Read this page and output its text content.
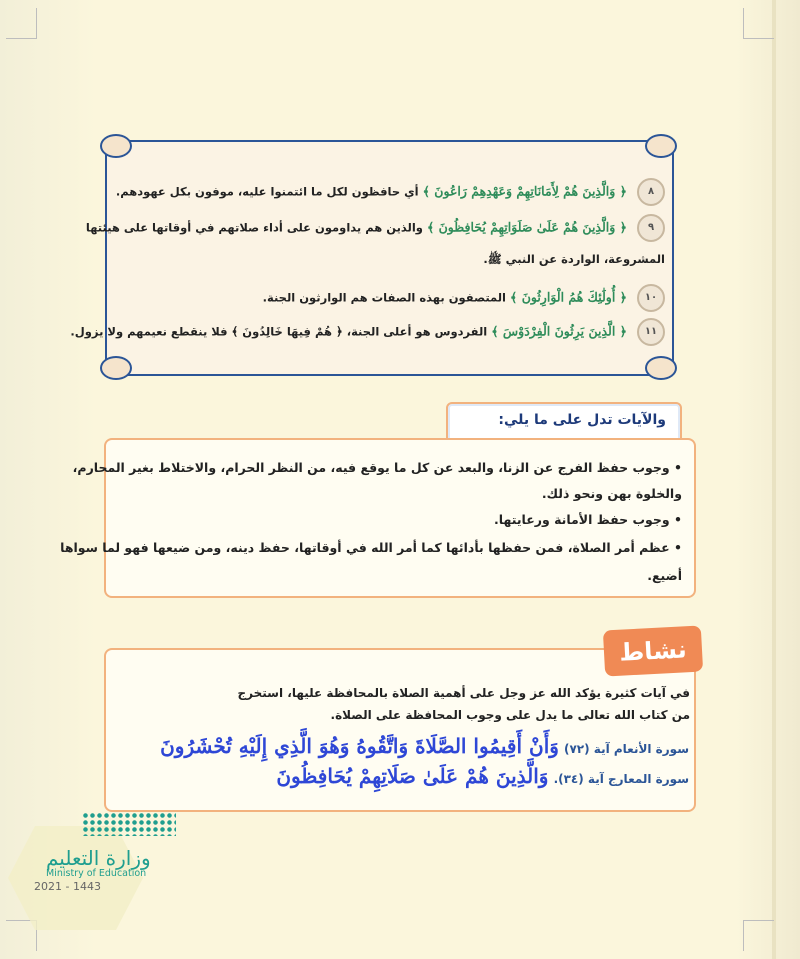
٨ ﴿ وَالَّذِينَ هُمْ لِأَمَانَاتِهِمْ وَعَهْدِهِمْ رَاعُونَ ﴾ أي حافظون لكل ما ائتمنوا عليه، موفون بكل عهودهم.
٩ ﴿ وَالَّذِينَ هُمْ عَلَىٰ صَلَوَاتِهِمْ يُحَافِظُونَ ﴾ والذين هم يداومون على أداء صلاتهم في أوقاتها على هيئتها
المشروعة، الواردة عن النبي ﷺ.
١٠ ﴿ أُولَٰئِكَ هُمُ الْوَارِثُونَ ﴾ المتصفون بهذه الصفات هم الوارثون الجنة.
١١ ﴿ الَّذِينَ يَرِثُونَ الْفِرْدَوْسَ ﴾ الفردوس هو أعلى الجنة، ﴿ هُمْ فِيهَا خَالِدُونَ ﴾ فلا ينقطع نعيمهم ولا يزول.
والآيات تدل على ما يلي:
• وجوب حفظ الفرج عن الزنا، والبعد عن كل ما يوقع فيه، من النظر الحرام، والاختلاط بغير المحارم،
والخلوة بهن ونحو ذلك.
• وجوب حفظ الأمانة ورعايتها.
• عظم أمر الصلاة، فمن حفظها بأدائها كما أمر الله في أوقاتها، حفظ دينه، ومن ضيعها فهو لما سواها
أضيع.
نشاط
في آيات كثيرة يؤكد الله عز وجل على أهمية الصلاة بالمحافظة عليها، استخرج
من كتاب الله تعالى ما يدل على وجوب المحافظة على الصلاة.
سورة الأنعام آية (٧٢) وَأَنْ أَقِيمُوا الصَّلَاةَ وَاتَّقُوهُ وَهُوَ الَّذِي إِلَيْهِ تُحْشَرُونَ
سورة المعارج آية (٣٤). وَالَّذِينَ هُمْ عَلَىٰ صَلَاتِهِمْ يُحَافِظُونَ
وزارة التعليم
Ministry of Education
2021 - 1443
